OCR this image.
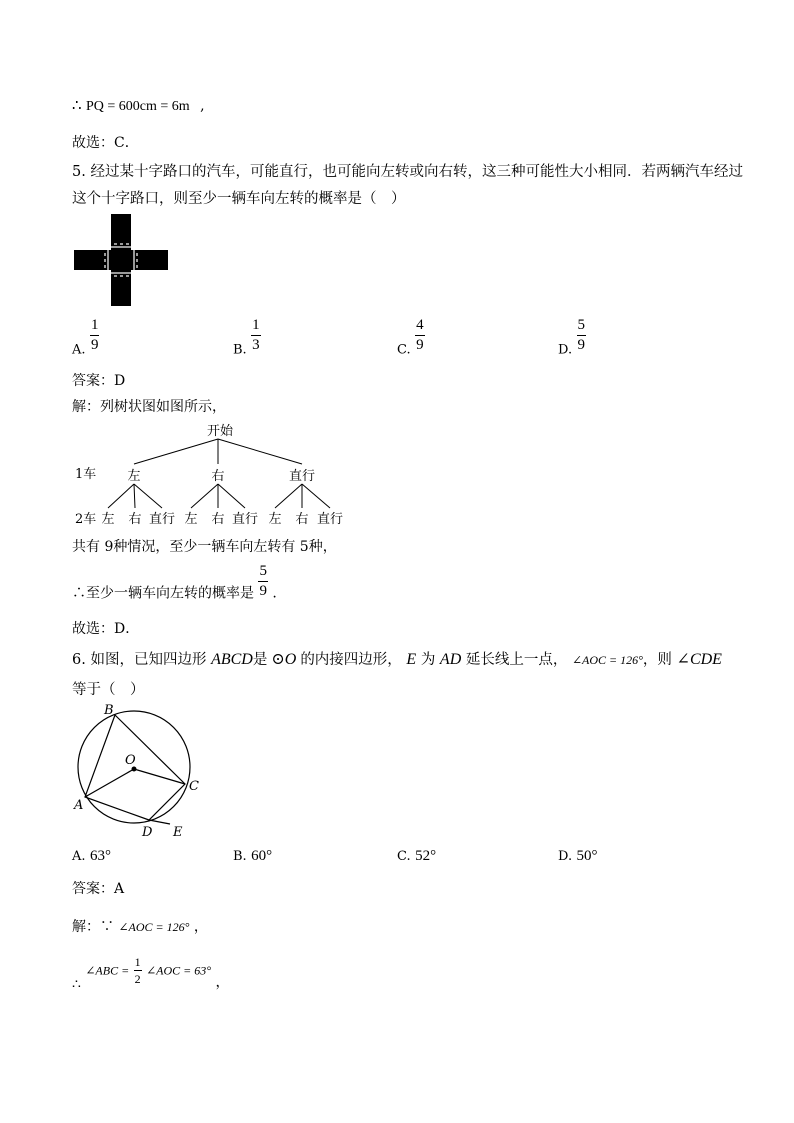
∴ PQ = 600cm = 6m ,
故选：C．
5. 经过某十字路口的汽车，可能直行，也可能向左转或向右转，这三种可能性大小相同．若两辆汽车经过
这个十字路口，则至少一辆车向左转的概率是（　）
A. $\frac{1}{9}$	B. $\frac{1}{3}$	C. $\frac{4}{9}$	D. $\frac{5}{9}$
答案：D
解：列树状图如图所示，
开始
1车 左	右	直行
2车 左 右 直行 左 右 直行 左 右 直行
共有 9种情况，至少一辆车向左转有 5种，
∴至少一辆车向左转的概率是 $\frac{5}{9}$ .
故选：D．
6. 如图，已知四边形 ABCD是 ⊙O 的内接四边形， E 为 AD 延长线上一点， ∠AOC = 126°，则 ∠CDE
等于（　）
B
O
C
A
D E
A. 63°	B. 60°	C. 52°	D. 50°
答案：A
解：∵ ∠AOC = 126° ，
∴ ∠ABC = $\frac{1}{2}$ ∠AOC = 63° ，
